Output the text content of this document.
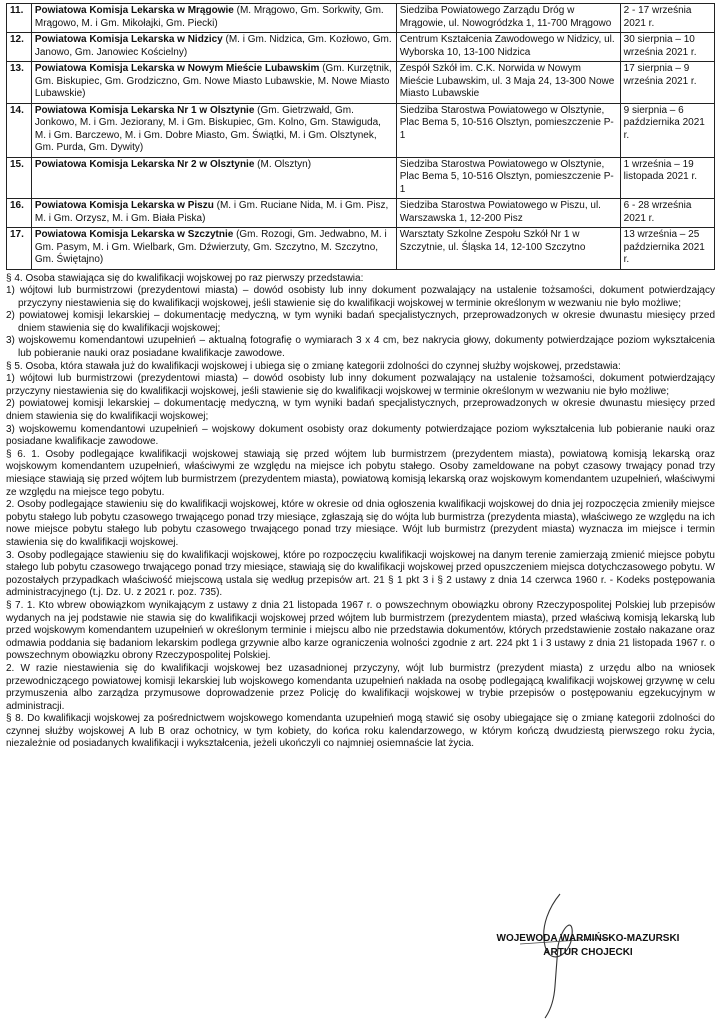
11.	Powiatowa Komisja Lekarska w Mrągowie (M. Mrągowo, Gm. Sorkwity, Gm. Mrągowo, M. i Gm. Mikołajki, Gm. Piecki)	Siedziba Powiatowego Zarządu Dróg w Mrągowie, ul. Nowogródzka 1, 11-700 Mrągowo	2 - 17 września 2021 r.
12.	Powiatowa Komisja Lekarska w Nidzicy (M. i Gm. Nidzica, Gm. Kozłowo, Gm. Janowo, Gm. Janowiec Kościelny)	Centrum Kształcenia Zawodowego w Nidzicy, ul. Wyborska 10, 13-100 Nidzica	30 sierpnia – 10 września 2021 r.
13.	Powiatowa Komisja Lekarska w Nowym Mieście Lubawskim (Gm. Kurzętnik, Gm. Biskupiec, Gm. Grodziczno, Gm. Nowe Miasto Lubawskie, M. Nowe Miasto Lubawskie)	Zespół Szkół im. C.K. Norwida w Nowym Mieście Lubawskim, ul. 3 Maja 24, 13-300 Nowe Miasto Lubawskie	17 sierpnia – 9 września 2021 r.
14.	Powiatowa Komisja Lekarska Nr 1 w Olsztynie (Gm. Gietrzwałd, Gm. Jonkowo, M. i Gm. Jeziorany, M. i Gm. Biskupiec, Gm. Kolno, Gm. Stawiguda, M. i Gm. Barczewo, M. i Gm. Dobre Miasto, Gm. Świątki, M. i Gm. Olsztynek, Gm. Purda, Gm. Dywity)	Siedziba Starostwa Powiatowego w Olsztynie, Plac Bema 5, 10-516 Olsztyn, pomieszczenie P-1	9 sierpnia – 6 października 2021 r.
15.	Powiatowa Komisja Lekarska Nr 2 w Olsztynie (M. Olsztyn)	Siedziba Starostwa Powiatowego w Olsztynie, Plac Bema 5, 10-516 Olsztyn, pomieszczenie P-1	1 września – 19 listopada 2021 r.
16.	Powiatowa Komisja Lekarska w Piszu (M. i Gm. Ruciane Nida, M. i Gm. Pisz, M. i Gm. Orzysz, M. i Gm. Biała Piska)	Siedziba Starostwa Powiatowego w Piszu, ul. Warszawska 1, 12-200 Pisz	6 - 28 września 2021 r.
17.	Powiatowa Komisja Lekarska w Szczytnie (Gm. Rozogi, Gm. Jedwabno, M. i Gm. Pasym, M. i Gm. Wielbark, Gm. Dźwierzuty, Gm. Szczytno, M. Szczytno, Gm. Świętajno)	Warsztaty Szkolne Zespołu Szkół Nr 1 w Szczytnie, ul. Śląska 14, 12-100 Szczytno	13 września – 25 października 2021 r.

§ 4. Osoba stawiająca się do kwalifikacji wojskowej po raz pierwszy przedstawia:

1) wójtowi lub burmistrzowi (prezydentowi miasta) – dowód osobisty lub inny dokument pozwalający na ustalenie tożsamości, dokument potwierdzający przyczyny niestawienia się do kwalifikacji wojskowej, jeśli stawienie się do kwalifikacji wojskowej w terminie określonym w wezwaniu nie było możliwe;

2) powiatowej komisji lekarskiej – dokumentację medyczną, w tym wyniki badań specjalistycznych, przeprowadzonych w okresie dwunastu miesięcy przed dniem stawienia się do kwalifikacji wojskowej;

3) wojskowemu komendantowi uzupełnień – aktualną fotografię o wymiarach 3 x 4 cm, bez nakrycia głowy, dokumenty potwierdzające poziom wykształcenia lub pobieranie nauki oraz posiadane kwalifikacje zawodowe.

§ 5. Osoba, która stawała już do kwalifikacji wojskowej i ubiega się o zmianę kategorii zdolności do czynnej służby wojskowej, przedstawia:

1) wójtowi lub burmistrzowi (prezydentowi miasta) – dowód osobisty lub inny dokument pozwalający na ustalenie tożsamości, dokument potwierdzający przyczyny niestawienia się do kwalifikacji wojskowej, jeśli stawienie się do kwalifikacji wojskowej w terminie określonym w wezwaniu nie było możliwe;

2) powiatowej komisji lekarskiej – dokumentację medyczną, w tym wyniki badań specjalistycznych, przeprowadzonych w okresie dwunastu miesięcy przed dniem stawienia się do kwalifikacji wojskowej;

3) wojskowemu komendantowi uzupełnień – wojskowy dokument osobisty oraz dokumenty potwierdzające poziom wykształcenia lub pobieranie nauki oraz posiadane kwalifikacje zawodowe.

§ 6. 1. Osoby podlegające kwalifikacji wojskowej stawiają się przed wójtem lub burmistrzem (prezydentem miasta), powiatową komisją lekarską oraz wojskowym komendantem uzupełnień, właściwymi ze względu na miejsce ich pobytu stałego. Osoby zameldowane na pobyt czasowy trwający ponad trzy miesiące stawiają się przed wójtem lub burmistrzem (prezydentem miasta), powiatową komisją lekarską oraz wojskowym komendantem uzupełnień, właściwymi ze względu na miejsce tego pobytu.

2. Osoby podlegające stawieniu się do kwalifikacji wojskowej, które w okresie od dnia ogłoszenia kwalifikacji wojskowej do dnia jej rozpoczęcia zmieniły miejsce pobytu stałego lub pobytu czasowego trwającego ponad trzy miesiące, zgłaszają się do wójta lub burmistrza (prezydenta miasta), właściwego ze względu na ich nowe miejsce pobytu stałego lub pobytu czasowego trwającego ponad trzy miesiące. Wójt lub burmistrz (prezydent miasta) wyznacza im miejsce i termin stawienia się do kwalifikacji wojskowej.

3. Osoby podlegające stawieniu się do kwalifikacji wojskowej, które po rozpoczęciu kwalifikacji wojskowej na danym terenie zamierzają zmienić miejsce pobytu stałego lub pobytu czasowego trwającego ponad trzy miesiące, stawiają się do kwalifikacji wojskowej przed opuszczeniem miejsca dotychczasowego pobytu. W pozostałych przypadkach właściwość miejscową ustala się według przepisów art. 21 § 1 pkt 3 i § 2 ustawy z dnia 14 czerwca 1960 r. - Kodeks postępowania administracyjnego (t.j. Dz. U. z 2021 r. poz. 735).

§ 7. 1. Kto wbrew obowiązkom wynikającym z ustawy z dnia 21 listopada 1967 r. o powszechnym obowiązku obrony Rzeczypospolitej Polskiej lub przepisów wydanych na jej podstawie nie stawia się do kwalifikacji wojskowej przed wójtem lub burmistrzem (prezydentem miasta), przed właściwą komisją lekarską lub przed wojskowym komendantem uzupełnień w określonym terminie i miejscu albo nie przedstawia dokumentów, których przedstawienie zostało nakazane oraz odmawia poddania się badaniom lekarskim podlega grzywnie albo karze ograniczenia wolności zgodnie z art. 224 pkt 1 i 3 ustawy z dnia 21 listopada 1967 r. o powszechnym obowiązku obrony Rzeczypospolitej Polskiej.

2. W razie niestawienia się do kwalifikacji wojskowej bez uzasadnionej przyczyny, wójt lub burmistrz (prezydent miasta) z urzędu albo na wniosek przewodniczącego powiatowej komisji lekarskiej lub wojskowego komendanta uzupełnień nakłada na osobę podlegającą kwalifikacji wojskowej grzywnę w celu przymuszenia albo zarządza przymusowe doprowadzenie przez Policję do kwalifikacji wojskowej w trybie przepisów o postępowaniu egzekucyjnym w administracji.

§ 8. Do kwalifikacji wojskowej za pośrednictwem wojskowego komendanta uzupełnień mogą stawić się osoby ubiegające się o zmianę kategorii zdolności do czynnej służby wojskowej A lub B oraz ochotnicy, w tym kobiety, do końca roku kalendarzowego, w którym kończą dwudziestą pierwszego roku życia, niezależnie od posiadanych kwalifikacji i wykształcenia, jeżeli ukończyli co najmniej osiemnaście lat życia.

WOJEWODA WARMIŃSKO-MAZURSKI
ARTUR CHOJECKI
